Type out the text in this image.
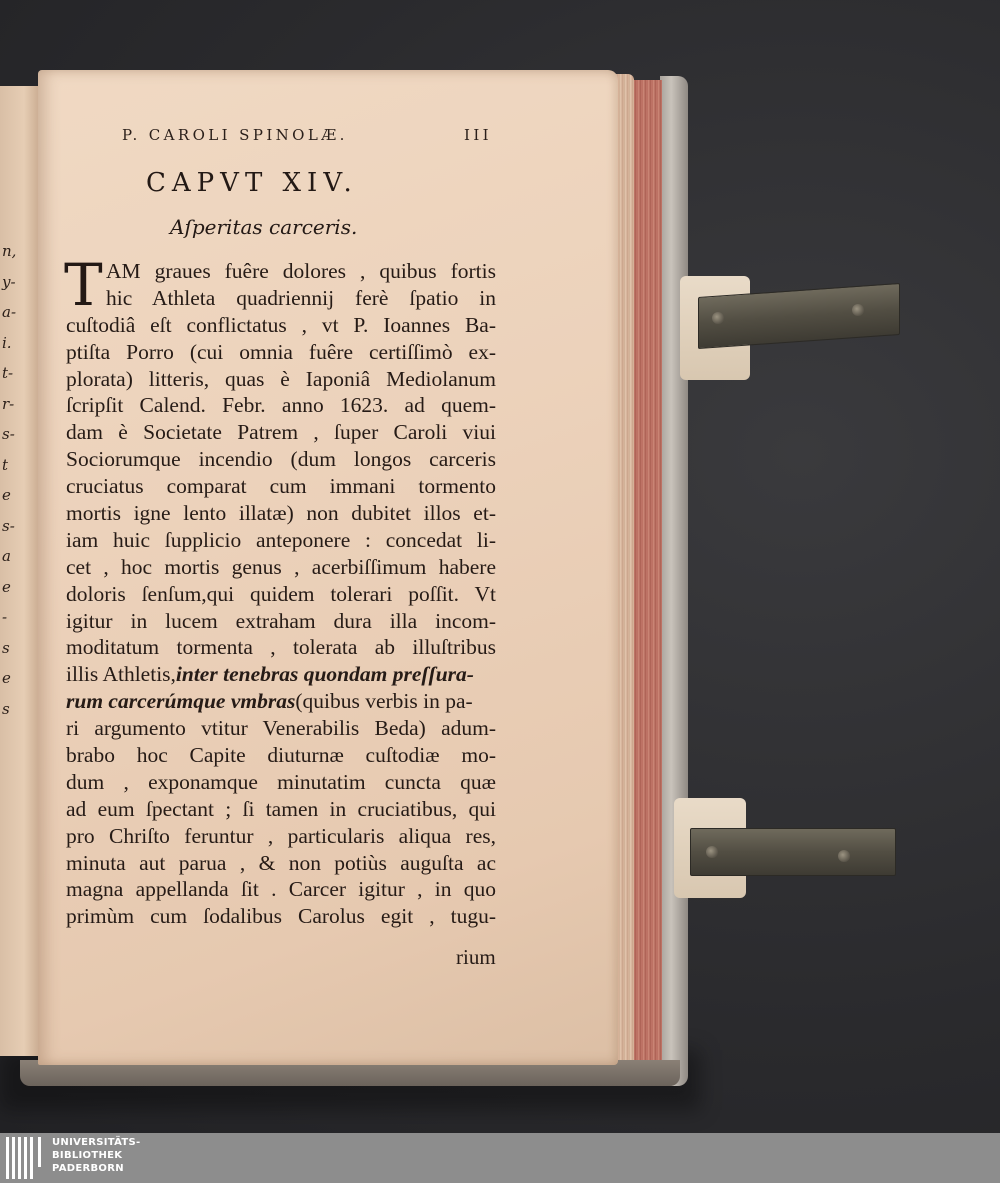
n,
y-
a-
i.
t-
r-
s-
t
e
s-
a
e
-
s
e
s
P. CAROLI SPINOLÆ.	III
CAPVT XIV.
Aſperitas carceris.
T AM graues fuêre dolores , quibus fortis
hic Athleta quadriennij ferè ſpatio in
cuſtodiâ eſt conflictatus , vt P. Ioannes Ba-
ptiſta Porro (cui omnia fuêre certiſſimò ex-
plorata) litteris, quas è Iaponiâ Mediolanum
ſcripſit Calend. Febr. anno 1623. ad quem-
dam è Societate Patrem , ſuper Caroli viui
Sociorumque incendio (dum longos carceris
cruciatus comparat cum immani tormento
mortis igne lento illatæ) non dubitet illos et-
iam huic ſupplicio anteponere : concedat li-
cet , hoc mortis genus , acerbiſſimum habere
doloris ſenſum,qui quidem tolerari poſſit. Vt
igitur in lucem extraham dura illa incom-
moditatum tormenta , tolerata ab illuſtribus
illis Athletis, inter tenebras quondam preſſura-
rum carcerúmque vmbras (quibus verbis in pa-
ri argumento vtitur Venerabilis Beda) adum-
brabo hoc Capite diuturnæ cuſtodiæ mo-
dum , exponamque minutatim cuncta quæ
ad eum ſpectant ; ſi tamen in cruciatibus, qui
pro Chriſto feruntur , particularis aliqua res,
minuta aut parua , & non potiùs auguſta ac
magna appellanda ſit . Carcer igitur , in quo
primùm cum ſodalibus Carolus egit , tugu-
rium
UNIVERSITÄTS-
BIBLIOTHEK
PADERBORN
